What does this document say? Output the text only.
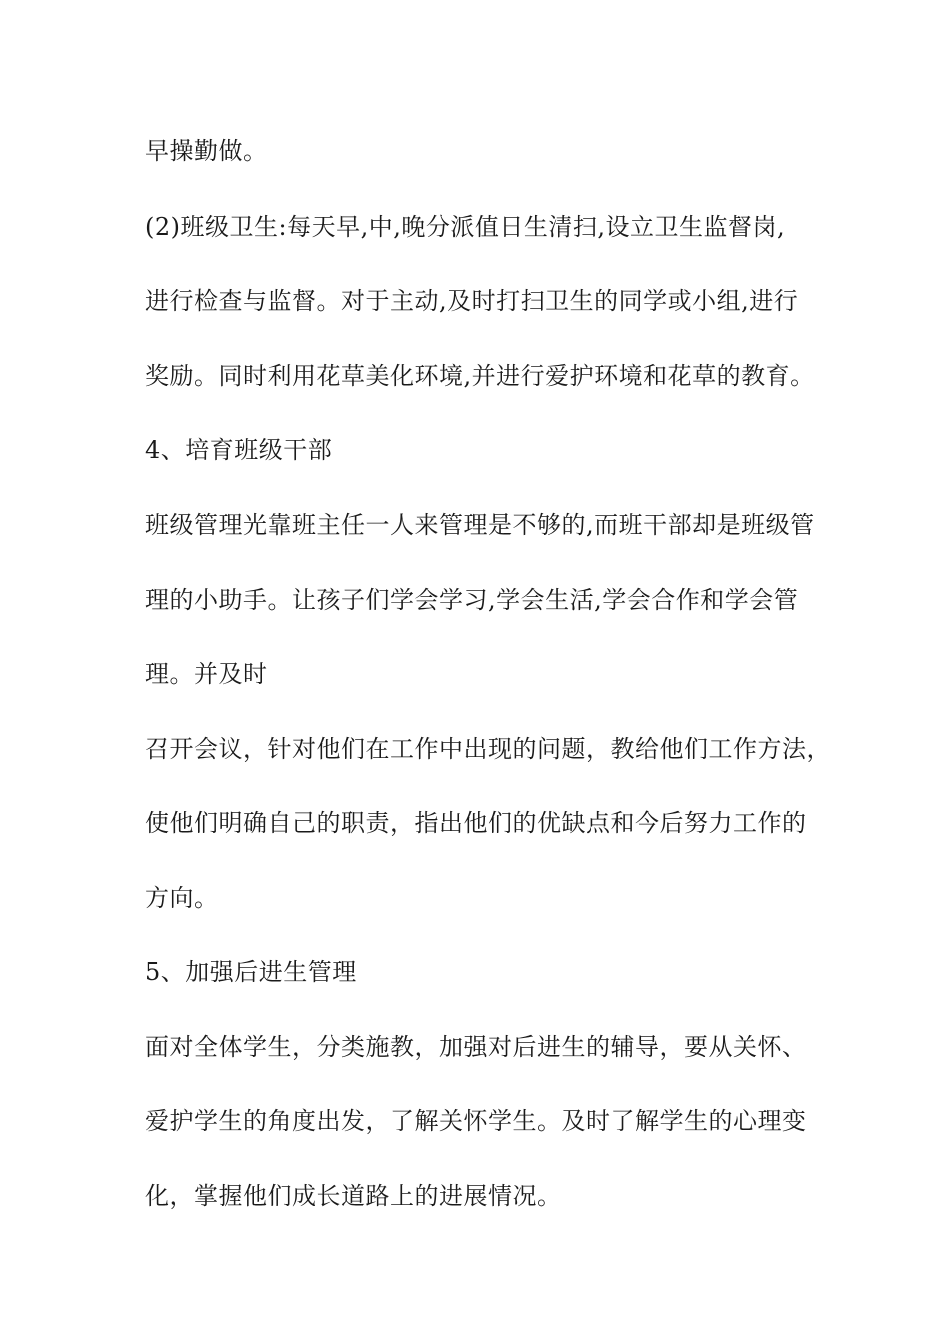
早操勤做。
(2)班级卫生:每天早,中,晚分派值日生清扫,设立卫生监督岗,
进行检查与监督。对于主动,及时打扫卫生的同学或小组,进行
奖励。同时利用花草美化环境,并进行爱护环境和花草的教育。
4、培育班级干部
班级管理光靠班主任一人来管理是不够的,而班干部却是班级管
理的小助手。让孩子们学会学习,学会生活,学会合作和学会管
理。并及时
召开会议，针对他们在工作中出现的问题，教给他们工作方法，
使他们明确自己的职责，指出他们的优缺点和今后努力工作的
方向。
5、加强后进生管理
面对全体学生，分类施教，加强对后进生的辅导，要从关怀、
爱护学生的角度出发，了解关怀学生。及时了解学生的心理变
化，掌握他们成长道路上的进展情况。
